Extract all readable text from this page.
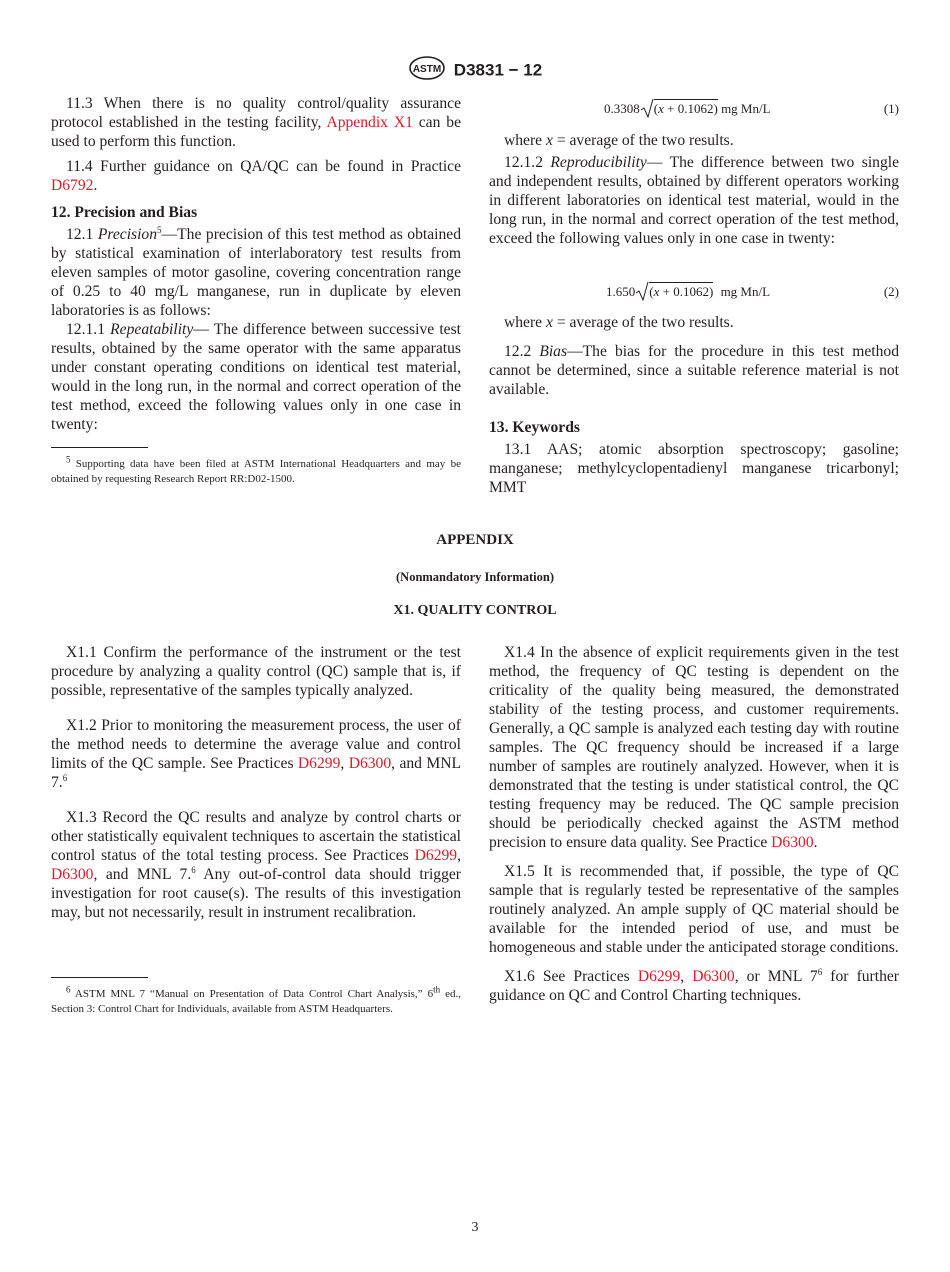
ASTM D3831 − 12

11.3 When there is no quality control/quality assurance protocol established in the testing facility, Appendix X1 can be used to perform this function.

11.4 Further guidance on QA/QC can be found in Practice D6792.

12. Precision and Bias

12.1 Precision$^5$—The precision of this test method as obtained by statistical examination of interlaboratory test results from eleven samples of motor gasoline, covering concentration range of 0.25 to 40 mg/L manganese, run in duplicate by eleven laboratories is as follows:

12.1.1 Repeatability— The difference between successive test results, obtained by the same operator with the same apparatus under constant operating conditions on identical test material, would in the long run, in the normal and correct operation of the test method, exceed the following values only in one case in twenty:

$^5$ Supporting data have been filed at ASTM International Headquarters and may be obtained by requesting Research Report RR:D02-1500.

0.3308 (x + 0.1062) mg Mn/L	(1)

where x = average of the two results.

12.1.2 Reproducibility— The difference between two single and independent results, obtained by different operators working in different laboratories on identical test material, would in the long run, in the normal and correct operation of the test method, exceed the following values only in one case in twenty:

1.650 (x + 0.1062) mg Mn/L	(2)

where x = average of the two results.

12.2 Bias—The bias for the procedure in this test method cannot be determined, since a suitable reference material is not available.

13. Keywords

13.1 AAS; atomic absorption spectroscopy; gasoline; manganese; methylcyclopentadienyl manganese tricarbonyl; MMT

APPENDIX

(Nonmandatory Information)

X1. QUALITY CONTROL

X1.1 Confirm the performance of the instrument or the test procedure by analyzing a quality control (QC) sample that is, if possible, representative of the samples typically analyzed.

X1.2 Prior to monitoring the measurement process, the user of the method needs to determine the average value and control limits of the QC sample. See Practices D6299, D6300, and MNL 7.$^6$

X1.3 Record the QC results and analyze by control charts or other statistically equivalent techniques to ascertain the statistical control status of the total testing process. See Practices D6299, D6300, and MNL 7.$^6$ Any out-of-control data should trigger investigation for root cause(s). The results of this investigation may, but not necessarily, result in instrument recalibration.

$^6$ ASTM MNL 7 “Manual on Presentation of Data Control Chart Analysis,” 6th ed., Section 3: Control Chart for Individuals, available from ASTM Headquarters.

X1.4 In the absence of explicit requirements given in the test method, the frequency of QC testing is dependent on the criticality of the quality being measured, the demonstrated stability of the testing process, and customer requirements. Generally, a QC sample is analyzed each testing day with routine samples. The QC frequency should be increased if a large number of samples are routinely analyzed. However, when it is demonstrated that the testing is under statistical control, the QC testing frequency may be reduced. The QC sample precision should be periodically checked against the ASTM method precision to ensure data quality. See Practice D6300.

X1.5 It is recommended that, if possible, the type of QC sample that is regularly tested be representative of the samples routinely analyzed. An ample supply of QC material should be available for the intended period of use, and must be homogeneous and stable under the anticipated storage conditions.

X1.6 See Practices D6299, D6300, or MNL $7^6$ for further guidance on QC and Control Charting techniques.

3
